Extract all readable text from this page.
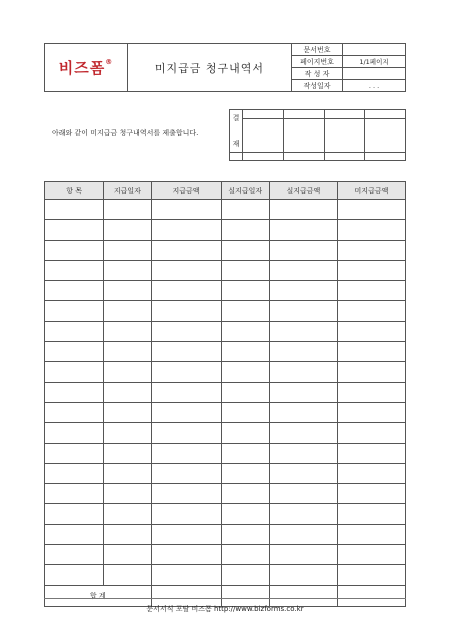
비즈폼®	미지급금 청구내역서	문서번호	
		페이지번호	1/1페이지
		작 성 자	
		작성일자	. . .
아래와 같이 미지급금 청구내역서를 제출합니다.
결

재				

항 목	지급일자	지급금액	실지급일자	실지급금액	미지급금액

합 계					
문서서식 포탈 비즈폼 http://www.bizforms.co.kr
